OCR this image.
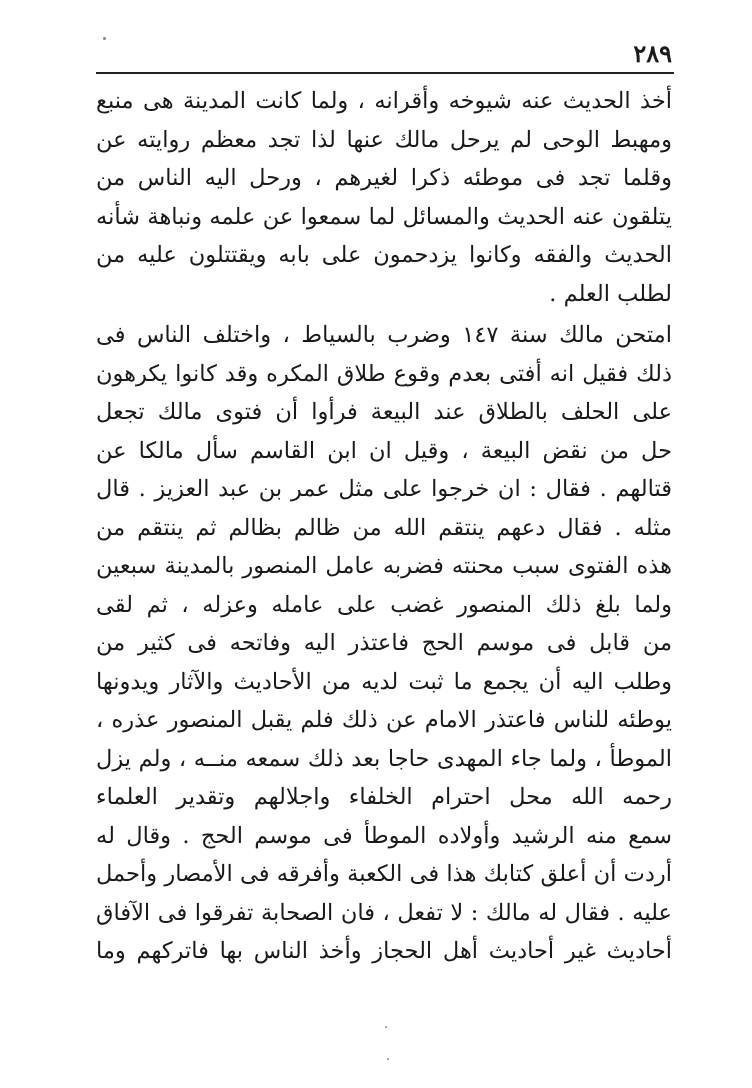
٢٨٩
أخذ الحديث عنه شيوخه وأقرانه ، ولما كانت المدينة هى منبع
ومهبط الوحى لم يرحل مالك عنها لذا تجد معظم روايته عن
وقلما تجد فى موطئه ذكرا لغيرهم ، ورحل اليه الناس من
يتلقون عنه الحديث والمسائل لما سمعوا عن علمه ونباهة شأنه
الحديث والفقه وكانوا يزدحمون على بابه ويقتتلون عليه من
لطلب العلم .
امتحن مالك سنة ١٤٧ وضرب بالسياط ، واختلف الناس فى
ذلك فقيل انه أفتى بعدم وقوع طلاق المكره وقد كانوا يكرهون
على الحلف بالطلاق عند البيعة فرأوا أن فتوى مالك تجعل
حل من نقض البيعة ، وقيل ان ابن القاسم سأل مالكا عن
قتالهم . فقال : ان خرجوا على مثل عمر بن عبد العزيز . قال
مثله . فقال دعهم ينتقم الله من ظالم بظالم ثم ينتقم من
هذه الفتوى سبب محنته فضربه عامل المنصور بالمدينة سبعين
ولما بلغ ذلك المنصور غضب على عامله وعزله ، ثم لقى
من قابل فى موسم الحج فاعتذر اليه وفاتحه فى كثير من
وطلب اليه أن يجمع ما ثبت لديه من الأحاديث والآثار ويدونها
يوطئه للناس فاعتذر الامام عن ذلك فلم يقبل المنصور عذره ،
الموطأ ، ولما جاء المهدى حاجا بعد ذلك سمعه منــه ، ولم يزل
رحمه الله محل احترام الخلفاء واجلالهم وتقدير العلماء
سمع منه الرشيد وأولاده الموطأ فى موسم الحج . وقال له
أردت أن أعلق كتابك هذا فى الكعبة وأفرقه فى الأمصار وأحمل
عليه . فقال له مالك : لا تفعل ، فان الصحابة تفرقوا فى الآفاق
أحاديث غير أحاديث أهل الحجاز وأخذ الناس بها فاتركهم وما
